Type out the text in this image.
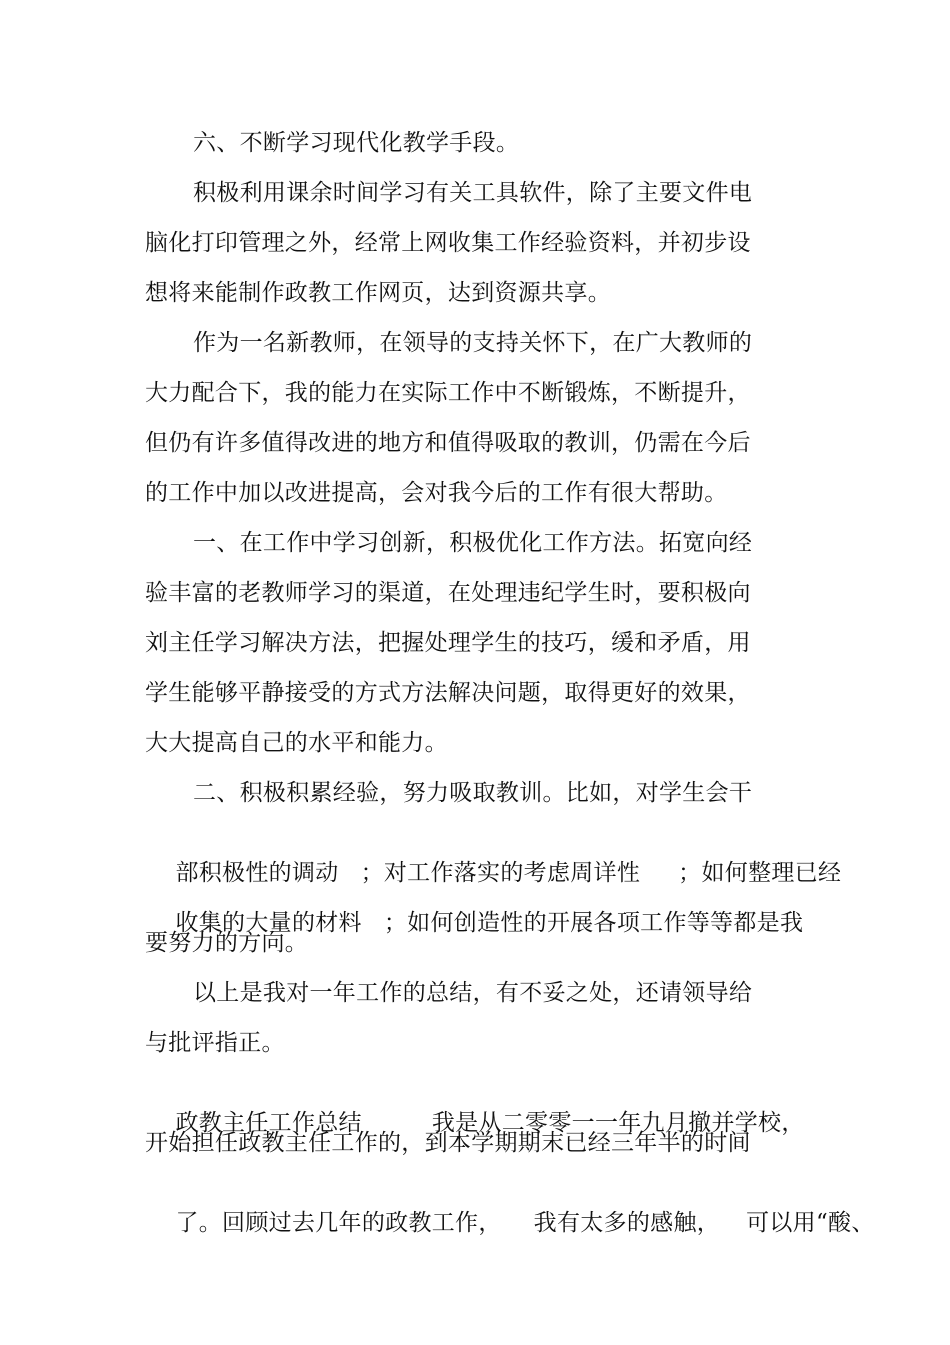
六、不断学习现代化教学手段。
积极利用课余时间学习有关工具软件，除了主要文件电
脑化打印管理之外，经常上网收集工作经验资料，并初步设
想将来能制作政教工作网页，达到资源共享。
作为一名新教师，在领导的支持关怀下，在广大教师的
大力配合下，我的能力在实际工作中不断锻炼，不断提升，
但仍有许多值得改进的地方和值得吸取的教训，仍需在今后
的工作中加以改进提高，会对我今后的工作有很大帮助。
一、在工作中学习创新，积极优化工作方法。拓宽向经
验丰富的老教师学习的渠道，在处理违纪学生时，要积极向
刘主任学习解决方法，把握处理学生的技巧，缓和矛盾，用
学生能够平静接受的方式方法解决问题，取得更好的效果，
大大提高自己的水平和能力。
二、积极积累经验，努力吸取教训。比如，对学生会干

部积极性的调动 ；对工作落实的考虑周详性 ；如何整理已经

收集的大量的材料 ；如何创造性的开展各项工作等等都是我

要努力的方向。
以上是我对一年工作的总结，有不妥之处，还请领导给
与批评指正。

政教主任工作总结	我是从二零零一一年九月撤并学校，

开始担任政教主任工作的，到本学期期末已经三年半的时间

了。回顾过去几年的政教工作， 我有太多的感触， 可以用“酸、
